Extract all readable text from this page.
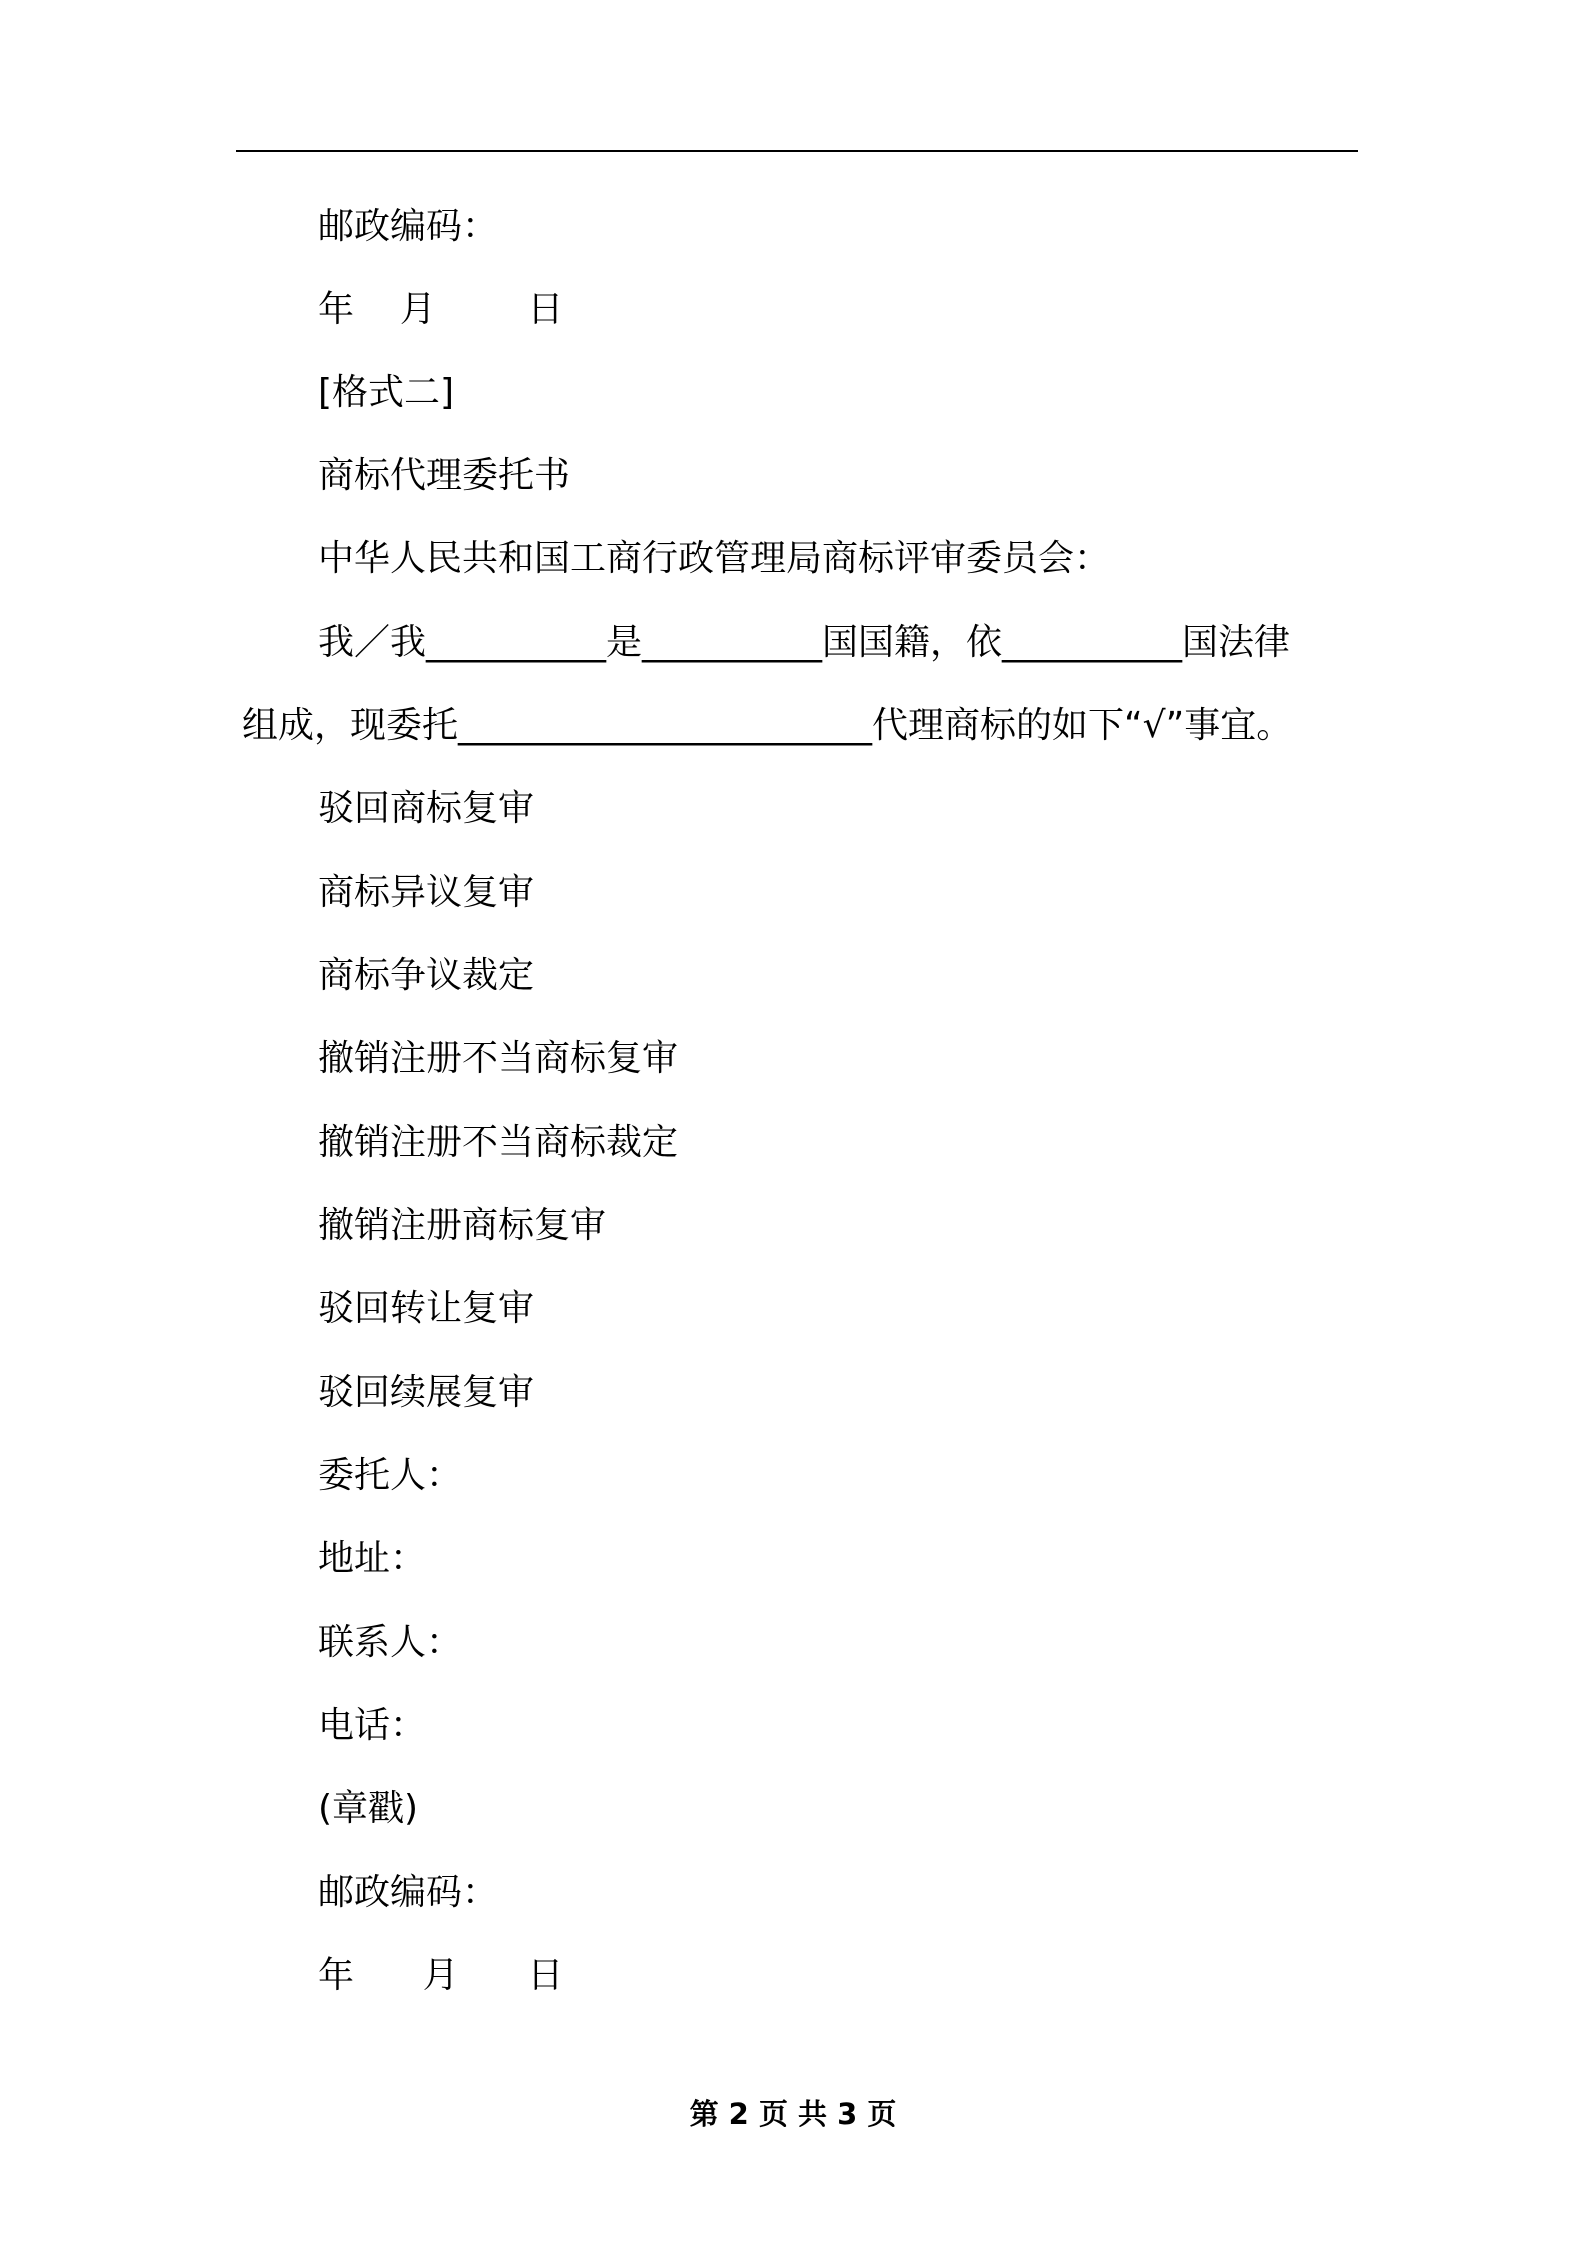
邮政编码：
年    月        日
[格式二]
商标代理委托书
中华人民共和国工商行政管理局商标评审委员会：
我／我__________是__________国国籍，依__________国法律
组成，现委托_______________________代理商标的如下“√”事宜。
驳回商标复审
商标异议复审
商标争议裁定
撤销注册不当商标复审
撤销注册不当商标裁定
撤销注册商标复审
驳回转让复审
驳回续展复审
委托人：
地址：
联系人：
电话：
(章戳)
邮政编码：
年      月      日
第 2 页 共 3 页
